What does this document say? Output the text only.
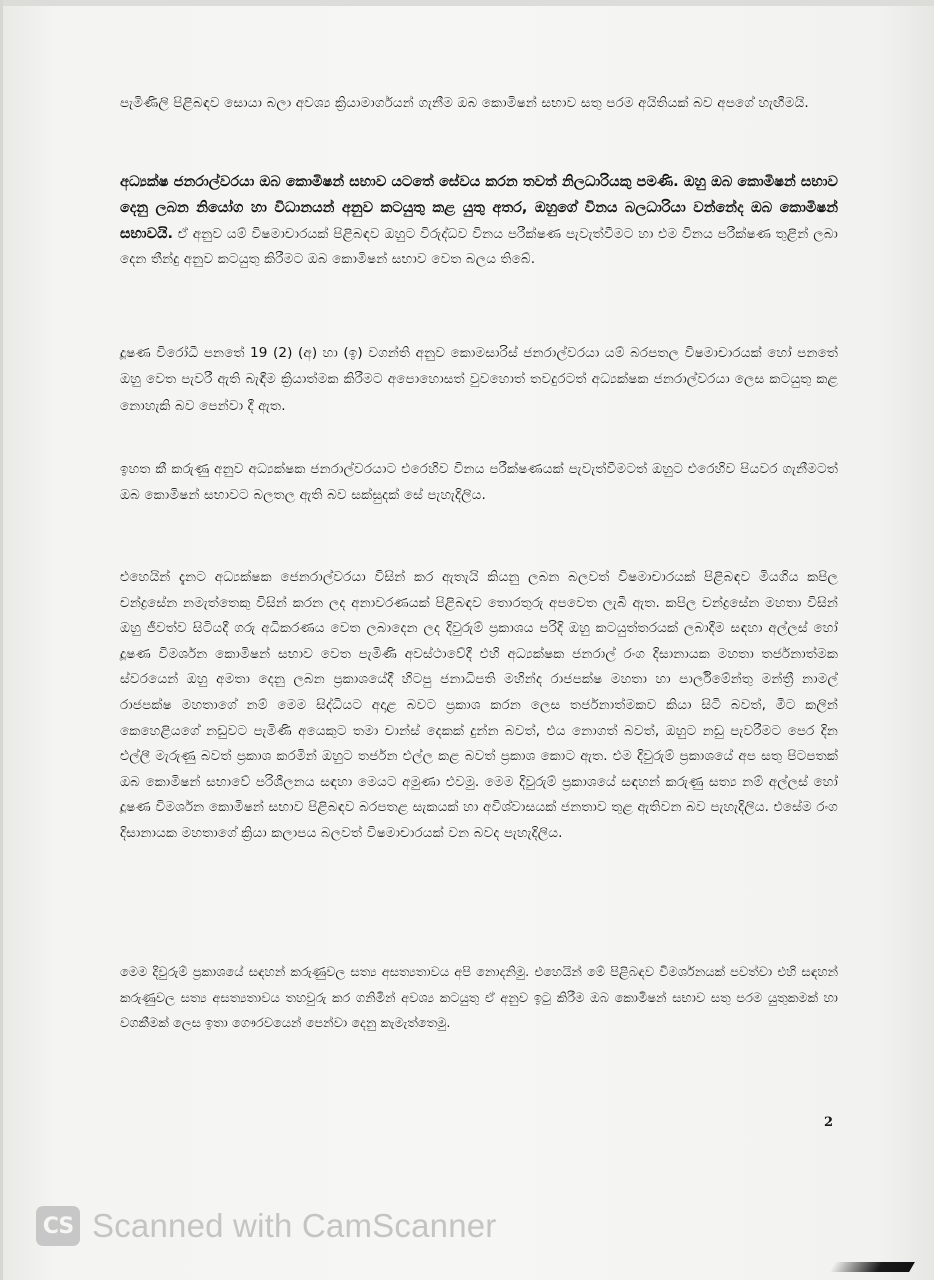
පැමිණිලි පිළිබඳව සොයා බලා අවශ්‍ය ක්‍රියාමාර්ගයන් ගැනීම ඔබ කොමිෂන් සභාව සතු පරම අයිතියක් බව අපගේ හැඟීමයි.

අධ්‍යක්ෂ ජනරාල්වරයා ඔබ කොමිෂන් සභාව යටතේ සේවය කරන තවත් නිලධාරියකු පමණි. ඔහු ඔබ කොමිෂන් සභාව දෙනු ලබන නියෝග හා විධානයන් අනුව කටයුතු කළ යුතු අතර, ඔහුගේ විනය බලධාරියා වන්නේද ඔබ කොමිෂන් සභාවයි. ඒ අනුව යම් විෂමාචාරයක් පිළිබඳව ඔහුට විරුද්ධව විනය පරීක්ෂණ පැවැත්වීමට හා එම විනය පරීක්ෂණ තුළින් ලබා දෙන තීන්දු අනුව කටයුතු කිරීමට ඔබ කොමිෂන් සභාව වෙත බලය තිබේ.

දූෂණ විරෝධී පනතේ 19 (2) (අ) හා (ඉ) වගන්ති අනුව කොමසාරිස් ජනරාල්වරයා යම් බරපතල විෂමාචාරයක් හෝ පනතේ ඔහු වෙත පැවරී ඇති බැඳීම ක්‍රියාත්මක කිරීමට අපොහොසත් වුවහොත් තවදුරටත් අධ්‍යක්ෂක ජනරාල්වරයා ලෙස කටයුතු කළ නොහැකි බව පෙන්වා දී ඇත.

ඉහත කී කරුණු අනුව අධ්‍යක්ෂක ජනරාල්වරයාට එරෙහිව විනය පරීක්ෂණයක් පැවැත්වීමටත් ඔහුට එරෙහිව පියවර ගැනීමටත් ඔබ කොමිෂන් සභාවට බලතල ඇති බව සක්සුදක් සේ පැහැදිලිය.

එහෙයින් දැනට අධ්‍යක්ෂක ජෙනරාල්වරයා විසින් කර ඇතැයි කියනු ලබන බලවත් විෂමාචාරයක් පිළිබඳව මියගිය කපිල චන්ද්‍රසේන නමැත්තෙකු විසින් කරන ලද අනාවරණයක් පිළිබඳව තොරතුරු අපවෙත ලැබී ඇත. කපිල චන්ද්‍රසේන මහතා විසින් ඔහු ජීවත්ව සිටියදී ගරු අධිකරණය වෙත ලබාදෙන ලද දිවුරුම් ප්‍රකාශය පරිදි ඔහු කටයුත්තරයක් ලබාදීම සඳහා අල්ලස් හෝ දූෂණ විමර්ශන කොමිෂන් සභාව වෙත පැමිණි අවස්ථාවේදී එහි අධ්‍යක්ෂක ජනරාල් රංග දිසානායක මහතා තර්ජනාත්මක ස්වරයෙන් ඔහු අමතා දෙනු ලබන ප්‍රකාශයේදී හිටපු ජනාධිපති මහින්ද රාජපක්ෂ මහතා හා පාර්ලිමේන්තු මන්ත්‍රී නාමල් රාජපක්ෂ මහතාගේ නම් මෙම සිද්ධියට අදාළ බවට ප්‍රකාශ කරන ලෙස තර්ජනාත්මකව කියා සිටි බවත්, මීට කලින් කෙහෙළියගේ නඩුවට පැමිණි අයෙකුට තමා චාන්ස් දෙකක් දුන්න බවත්, එය නොගත් බවත්, ඔහුට නඩු පැවරීමට පෙර දින එල්ලී මැරුණු බවත් ප්‍රකාශ කරමින් ඔහුට තර්ජන එල්ල කළ බවත් ප්‍රකාශ කොට ඇත. එම දිවුරුම් ප්‍රකාශයේ අප සතු පිටපතක් ඔබ කොමිෂන් සභාවේ පරිශීලනය සඳහා මෙයට අමුණා එවමු. මෙම දිවුරුම් ප්‍රකාශයේ සඳහන් කරුණු සත්‍ය නම් අල්ලස් හෝ දූෂණ විමර්ශන කොමිෂන් සභාව පිළිබඳව බරපතළ සැකයක් හා අවිශ්වාසයක් ජනතාව තුළ ඇතිවන බව පැහැදිලිය. එසේම රංග දිසානායක මහතාගේ ක්‍රියා කලාපය බලවත් විෂමාචාරයක් වන බවද පැහැදිලිය.

මෙම දිවුරුම් ප්‍රකාශයේ සඳහන් කරුණුවල සත්‍ය අසත්‍යතාවය අපි නොදනිමු. එහෙයින් මේ පිළිබඳව විමර්ශනයක් පවත්වා එහි සඳහන් කරුණුවල සත්‍ය අසත්‍යතාවය තහවුරු කර ගනිමින් අවශ්‍ය කටයුතු ඒ අනුව ඉටු කිරීම ඔබ කොමිෂන් සභාව සතු පරම යුතුකමක් හා වගකීමක් ලෙස ඉතා ගෞරවයෙන් පෙන්වා දෙනු කැමැත්තෙමු.

2
CS Scanned with CamScanner
